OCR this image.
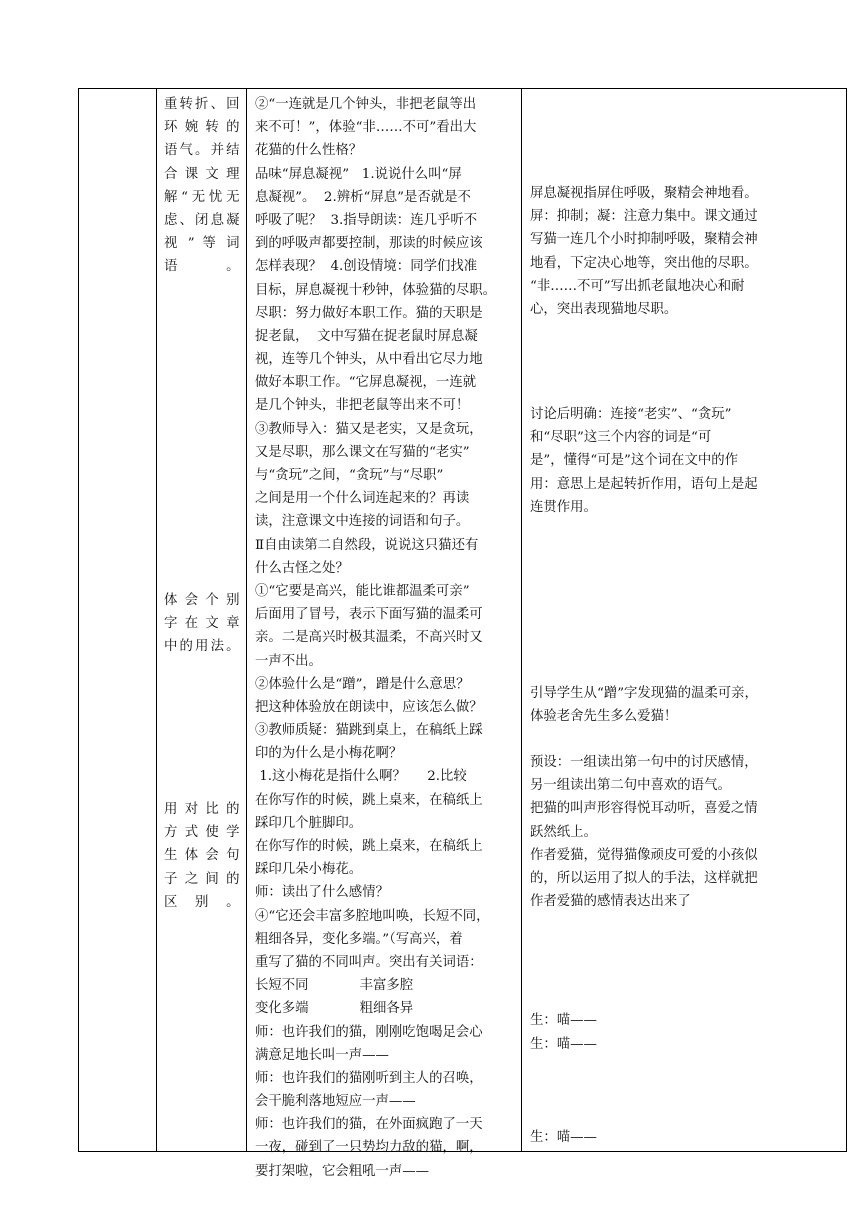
重转折、回
环 婉 转 的
语气。并结
合 课 文 理
解“无忧无
虑、闭息凝
视 ” 等 词
语。
体 会 个 别
字 在 文 章
中的用法。
用 对 比 的
方 式 使 学
生 体 会 句
子 之 间 的
区别。
②“一连就是几个钟头，非把老鼠等出
来不可！”，体验“非……不可”看出大
花猫的什么性格？
品味“屏息凝视”   1.说说什么叫“屏
息凝视”。  2.辨析“屏息”是否就是不
呼吸了呢？  3.指导朗读：连几乎听不
到的呼吸声都要控制，那读的时候应该
怎样表现？  4.创设情境：同学们找准
目标，屏息凝视十秒钟，体验猫的尽职。
尽职：努力做好本职工作。猫的天职是
捉老鼠，  文中写猫在捉老鼠时屏息凝
视，连等几个钟头，从中看出它尽力地
做好本职工作。“它屏息凝视，一连就
是几个钟头，非把老鼠等出来不可！
③教师导入：猫又是老实，又是贪玩，
又是尽职，那么课文在写猫的“老实”
与“贪玩”之间，“贪玩”与“尽职”
之间是用一个什么词连起来的？再读
读，注意课文中连接的词语和句子。
Ⅱ自由读第二自然段，说说这只猫还有
什么古怪之处？
①“它要是高兴，能比谁都温柔可亲”
后面用了冒号，表示下面写猫的温柔可
亲。二是高兴时极其温柔，不高兴时又
一声不出。
②体验什么是“蹭”，蹭是什么意思？
把这种体验放在朗读中，应该怎么做？
③教师质疑：猫跳到桌上，在稿纸上踩
印的为什么是小梅花啊？
1.这小梅花是指什么啊？     2.比较
在你写作的时候，跳上桌来，在稿纸上
踩印几个脏脚印。
在你写作的时候，跳上桌来，在稿纸上
踩印几朵小梅花。
师：读出了什么感情？
④“它还会丰富多腔地叫唤，长短不同，
粗细各异，变化多端。”（写高兴，着
重写了猫的不同叫声。突出有关词语：
长短不同            丰富多腔
变化多端            粗细各异
师：也许我们的猫，刚刚吃饱喝足会心
满意足地长叫一声——
师：也许我们的猫刚听到主人的召唤，
会干脆利落地短应一声——
师：也许我们的猫，在外面疯跑了一天
一夜，碰到了一只势均力敌的猫，啊，
要打架啦，它会粗吼一声——
屏息凝视指屏住呼吸，聚精会神地看。
屏：抑制；凝：注意力集中。课文通过
写猫一连几个小时抑制呼吸，聚精会神
地看，下定决心地等，突出他的尽职。
“非……不可”写出抓老鼠地决心和耐
心，突出表现猫地尽职。
讨论后明确：连接“老实”、“贪玩”
和“尽职”这三个内容的词是“可
是”，懂得“可是”这个词在文中的作
用：意思上是起转折作用，语句上是起
连贯作用。
引导学生从“蹭”字发现猫的温柔可亲，
体验老舍先生多么爱猫！
预设：一组读出第一句中的讨厌感情，
另一组读出第二句中喜欢的语气。
把猫的叫声形容得悦耳动听，喜爱之情
跃然纸上。
作者爱猫，觉得猫像顽皮可爱的小孩似
的，所以运用了拟人的手法，这样就把
作者爱猫的感情表达出来了
生：喵——
生：喵——
生：喵——
